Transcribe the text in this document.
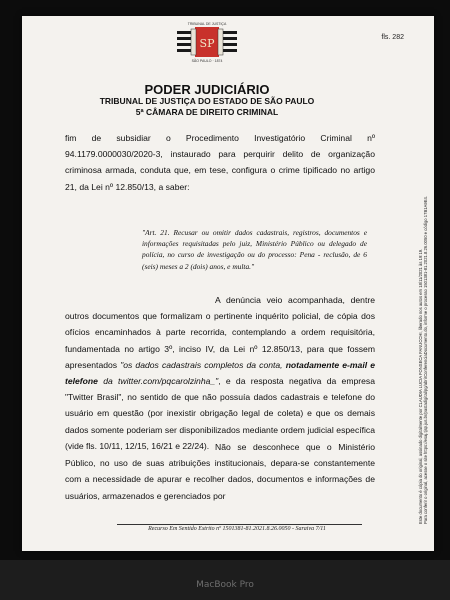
fls. 282
TRIBUNAL DE JUSTIÇA
SP
SÃO PAULO · 1874
PODER JUDICIÁRIO
TRIBUNAL DE JUSTIÇA DO ESTADO DE SÃO PAULO
5ª CÂMARA DE DIREITO CRIMINAL
fim de subsidiar o Procedimento Investigatório Criminal nº 94.1179.0000030/2020-3, instaurado para perquirir delito de organização criminosa armada, conduta que, em tese, configura o crime tipificado no artigo 21, da Lei nº 12.850/13, a saber:
"Art. 21. Recusar ou omitir dados cadastrais, registros, documentos e informações requisitadas pelo juiz, Ministério Público ou delegado de polícia, no curso de investigação ou do processo: Pena - reclusão, de 6 (seis) meses a 2 (dois) anos, e multa."
A denúncia veio acompanhada, dentre outros documentos que formalizam o pertinente inquérito policial, de cópia dos ofícios encaminhados à parte recorrida, contemplando a ordem requisitória, fundamentada no artigo 3º, inciso IV, da Lei nº 12.850/13, para que fossem apresentados "os dados cadastrais completos da conta, notadamente e-mail e telefone da twitter.com/pqcarolzinha_", e da resposta negativa da empresa "Twitter Brasil", no sentido de que não possuía dados cadastrais e telefone do usuário em questão (por inexistir obrigação legal de coleta) e que os demais dados somente poderiam ser disponibilizados mediante ordem judicial específica (vide fls. 10/11, 12/15, 16/21 e 22/24). Não se desconhece que o Ministério Público, no uso de suas atribuições institucionais, depara-se constantemente com a necessidade de apurar e recolher dados, documentos e informações de usuários, armazenados e gerenciados por
Recurso Em Sentido Estrito nº 1501381-81.2021.8.26.0050 - Saraiva 7/11
Este documento é cópia do original, assinado digitalmente por CLAUDIA LUCIA FONSECA FANUCCHI, liberado nos autos em 18/11/2021 às 19:19. Para conferir o original, acesse o site https://esaj.tjsp.jus.br/pastadigital/pg/abrirConferenciaDocumento.do, informe o processo 1501381-81.2021.8.26.0050 e código 17B1A9E4.
MacBook Pro
